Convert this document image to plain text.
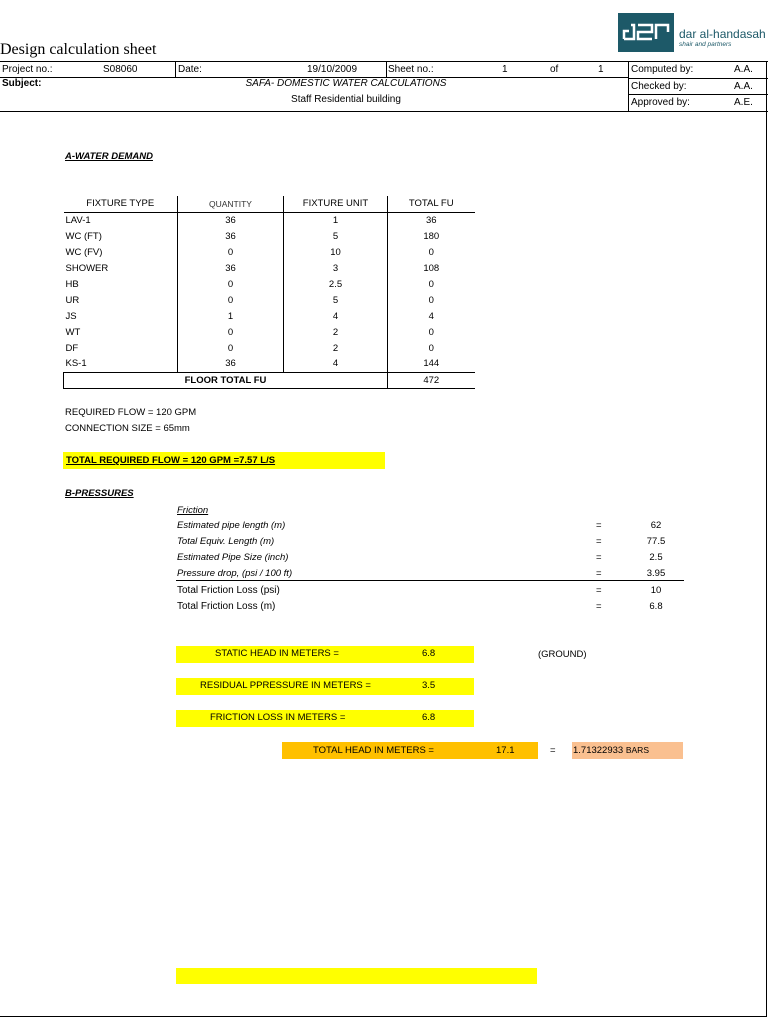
Design calculation sheet
dar al-handasah
shair and partners
Project no.:	S08060	Date:	19/10/2009	Sheet no.:	1	of	1	Computed by:	A.A.
Subject:	SAFA- DOMESTIC WATER CALCULATIONS
Staff Residential building
Checked by:	A.A.
Approved by:	A.E.
A-WATER DEMAND
FIXTURE TYPE	QUANTITY	FIXTURE UNIT	TOTAL FU
LAV-1	36	1	36
WC (FT)	36	5	180
WC (FV)	0	10	0
SHOWER	36	3	108
HB	0	2.5	0
UR	0	5	0
JS	1	4	4
WT	0	2	0
DF	0	2	0
KS-1	36	4	144
FLOOR TOTAL FU			472
REQUIRED FLOW = 120 GPM
CONNECTION SIZE = 65mm
TOTAL REQUIRED FLOW = 120 GPM =7.57 L/S
B-PRESSURES
Friction
Estimated pipe length (m)	=	62
Total Equiv. Length (m)	=	77.5
Estimated Pipe Size (inch)	=	2.5
Pressure drop, (psi / 100 ft)	=	3.95
Total Friction Loss (psi)	=	10
Total Friction Loss (m)	=	6.8
STATIC HEAD IN METERS =	6.8	(GROUND)
RESIDUAL PPRESSURE IN METERS =	3.5
FRICTION LOSS IN METERS =	6.8
TOTAL HEAD IN METERS =	17.1	= 1.71322933 BARS
